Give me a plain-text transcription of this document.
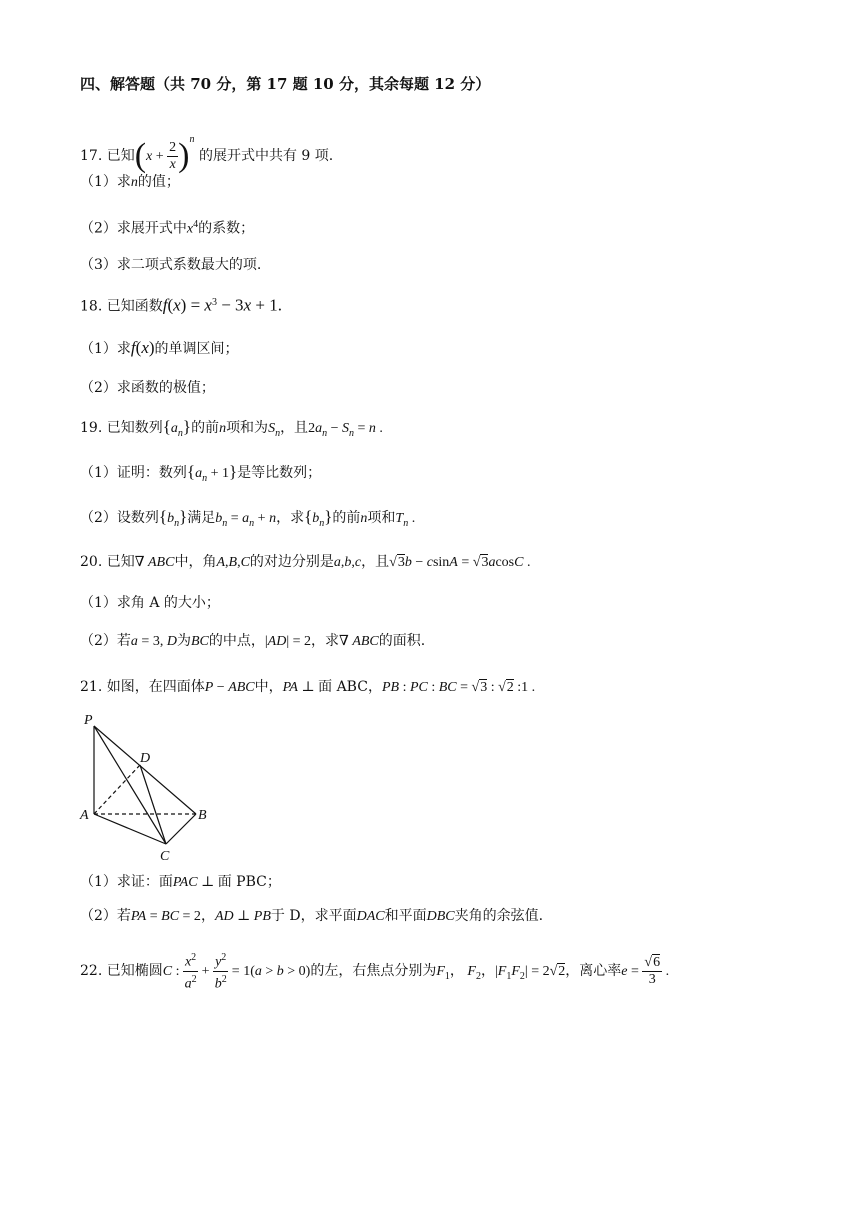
四、解答题（共 70 分，第 17 题 10 分，其余每题 12 分）
17. 已知$(x + \frac{2}{x} )^n$ 的展开式中共有 9 项.
（1）求n的值；
（2）求展开式中$x^4$的系数；
（3）求二项式系数最大的项.
18. 已知函数$f(x) = x^3 - 3x + 1$.
（1）求f(x)的单调区间；
（2）求函数的极值；
19. 已知数列$\{a_n\}$的前n项和为$S_n$，且$2a_n - S_n = n$ .
（1）证明：数列$\{a_n + 1\}$是等比数列；
（2）设数列$\{b_n\}$满足$b_n = a_n + n$，求$\{b_n\}$的前n项和$T_n$ .
20. 已知∇ ABC中，角A,B,C的对边分别是a,b,c，且√3b − csinA = √3acosC .
（1）求角 A 的大小；
（2）若a = 3, D为BC的中点，|AD| = 2，求∇ ABC的面积.
21. 如图，在四面体P − ABC中，PA ⊥ 面 ABC，PB : PC : BC = √3 : √2 :1 .
P
D
A	B
C
（1）求证：面PAC ⊥ 面 PBC；
（2）若PA = BC = 2，AD ⊥ PB于 D，求平面DAC和平面DBC夹角的余弦值.
22. 已知椭圆C : $\frac{x^2}{a^2} + \frac{y^2}{b^2} = 1(a > b > 0)$的左，右焦点分别为$F_1$， $F_2$，$|F_1F_2| = 2√2$，离心率$e = \frac{√6}{3}$ .
